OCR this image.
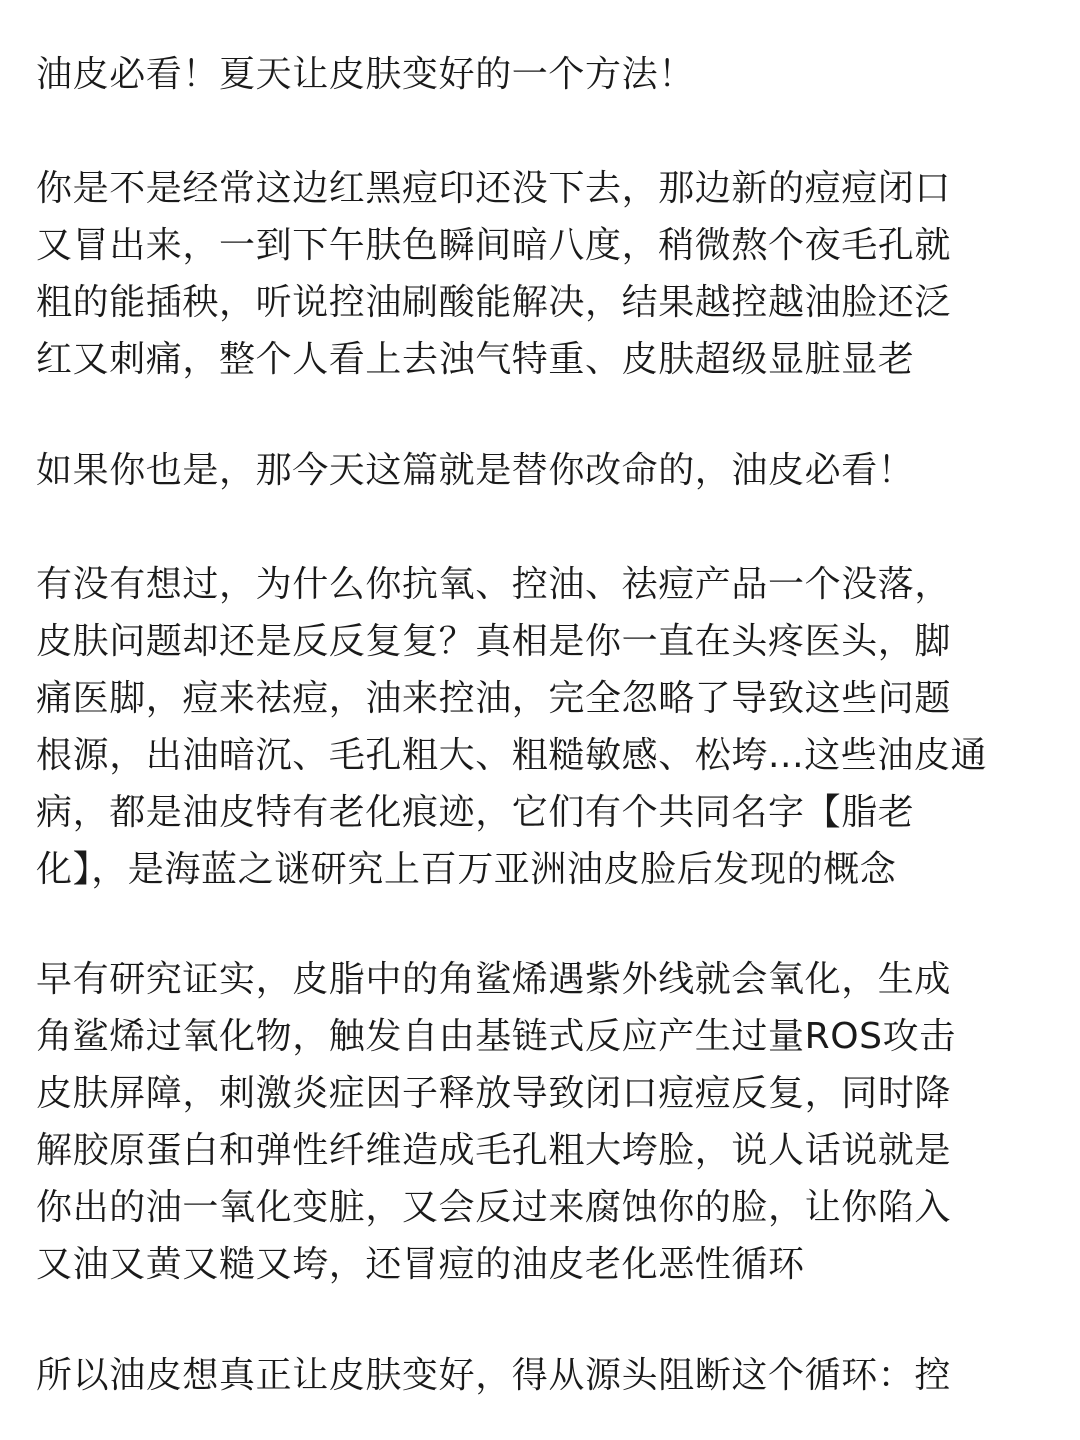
油皮必看！夏天让皮肤变好的一个方法！
你是不是经常这边红黑痘印还没下去，那边新的痘痘闭口
又冒出来，一到下午肤色瞬间暗八度，稍微熬个夜毛孔就
粗的能插秧，听说控油刷酸能解决，结果越控越油脸还泛
红又刺痛，整个人看上去浊气特重、皮肤超级显脏显老
如果你也是，那今天这篇就是替你改命的，油皮必看！
有没有想过，为什么你抗氧、控油、祛痘产品一个没落，
皮肤问题却还是反反复复？真相是你一直在头疼医头，脚
痛医脚，痘来祛痘，油来控油，完全忽略了导致这些问题
根源，出油暗沉、毛孔粗大、粗糙敏感、松垮...这些油皮通
病，都是油皮特有老化痕迹，它们有个共同名字【脂老
化】，是海蓝之谜研究上百万亚洲油皮脸后发现的概念
早有研究证实，皮脂中的角鲨烯遇紫外线就会氧化，生成
角鲨烯过氧化物，触发自由基链式反应产生过量ROS攻击
皮肤屏障，刺激炎症因子释放导致闭口痘痘反复，同时降
解胶原蛋白和弹性纤维造成毛孔粗大垮脸，说人话说就是
你出的油一氧化变脏，又会反过来腐蚀你的脸，让你陷入
又油又黄又糙又垮，还冒痘的油皮老化恶性循环
所以油皮想真正让皮肤变好，得从源头阻断这个循环：控
